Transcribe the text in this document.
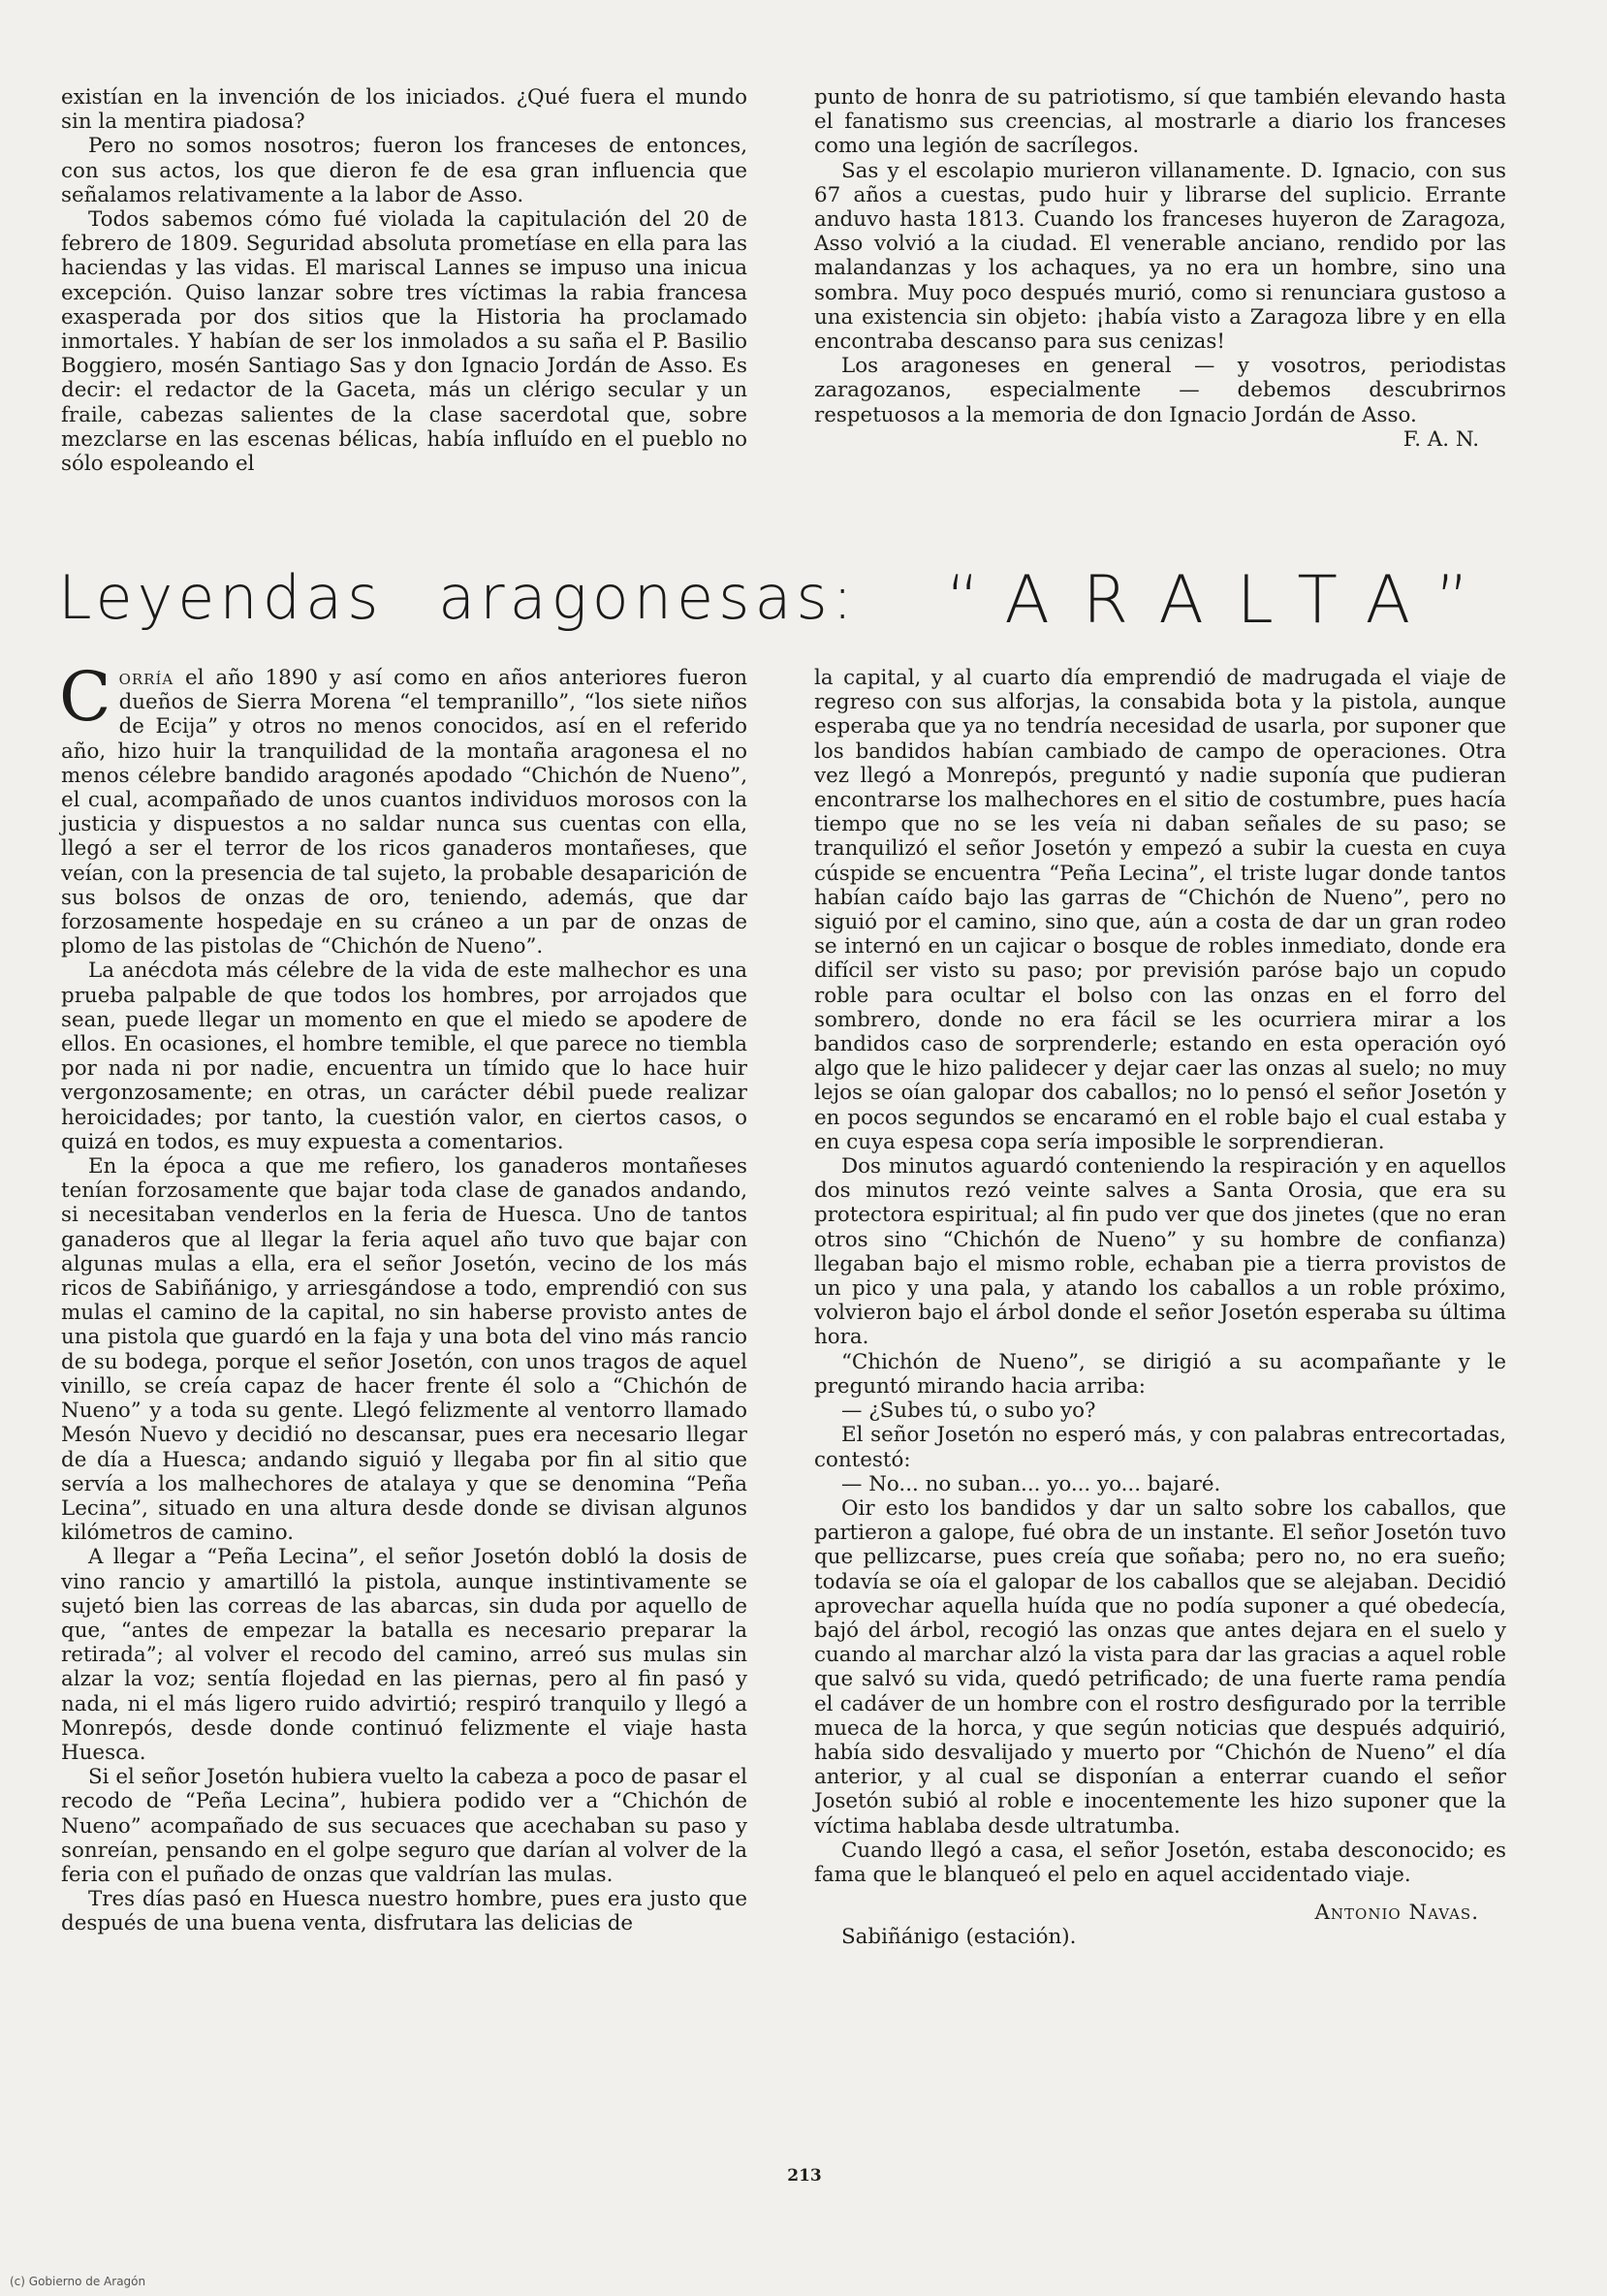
existían en la invención de los iniciados. ¿Qué fuera el mundo sin la mentira piadosa?

Pero no somos nosotros; fueron los franceses de entonces, con sus actos, los que dieron fe de esa gran influencia que señalamos relativamente a la labor de Asso.

Todos sabemos cómo fué violada la capitulación del 20 de febrero de 1809. Seguridad absoluta prometíase en ella para las haciendas y las vidas. El mariscal Lannes se impuso una inicua excepción. Quiso lanzar sobre tres víctimas la rabia francesa exasperada por dos sitios que la Historia ha proclamado inmortales. Y habían de ser los inmolados a su saña el P. Basilio Boggiero, mosén Santiago Sas y don Ignacio Jordán de Asso. Es decir: el redactor de la Gaceta, más un clérigo secular y un fraile, cabezas salientes de la clase sacerdotal que, sobre mezclarse en las escenas bélicas, había influído en el pueblo no sólo espoleando el

punto de honra de su patriotismo, sí que también elevando hasta el fanatismo sus creencias, al mostrarle a diario los franceses como una legión de sacrílegos.

Sas y el escolapio murieron villanamente. D. Ignacio, con sus 67 años a cuestas, pudo huir y librarse del suplicio. Errante anduvo hasta 1813. Cuando los franceses huyeron de Zaragoza, Asso volvió a la ciudad. El venerable anciano, rendido por las malandanzas y los achaques, ya no era un hombre, sino una sombra. Muy poco después murió, como si renunciara gustoso a una existencia sin objeto: ¡había visto a Zaragoza libre y en ella encontraba descanso para sus cenizas!

Los aragoneses en general — y vosotros, periodistas zaragozanos, especialmente — debemos descubrirnos respetuosos a la memoria de don Ignacio Jordán de Asso.

F. A. N.

Leyendas aragonesas: “ARALTA”

Corría el año 1890 y así como en años anteriores fueron dueños de Sierra Morena “el tempranillo”, “los siete niños de Ecija” y otros no menos conocidos, así en el referido año, hizo huir la tranquilidad de la montaña aragonesa el no menos célebre bandido aragonés apodado “Chichón de Nueno”, el cual, acompañado de unos cuantos individuos morosos con la justicia y dispuestos a no saldar nunca sus cuentas con ella, llegó a ser el terror de los ricos ganaderos montañeses, que veían, con la presencia de tal sujeto, la probable desaparición de sus bolsos de onzas de oro, teniendo, además, que dar forzosamente hospedaje en su cráneo a un par de onzas de plomo de las pistolas de “Chichón de Nueno”.

La anécdota más célebre de la vida de este malhechor es una prueba palpable de que todos los hombres, por arrojados que sean, puede llegar un momento en que el miedo se apodere de ellos. En ocasiones, el hombre temible, el que parece no tiembla por nada ni por nadie, encuentra un tímido que lo hace huir vergonzosamente; en otras, un carácter débil puede realizar heroicidades; por tanto, la cuestión valor, en ciertos casos, o quizá en todos, es muy expuesta a comentarios.

En la época a que me refiero, los ganaderos montañeses tenían forzosamente que bajar toda clase de ganados andando, si necesitaban venderlos en la feria de Huesca. Uno de tantos ganaderos que al llegar la feria aquel año tuvo que bajar con algunas mulas a ella, era el señor Josetón, vecino de los más ricos de Sabiñánigo, y arriesgándose a todo, emprendió con sus mulas el camino de la capital, no sin haberse provisto antes de una pistola que guardó en la faja y una bota del vino más rancio de su bodega, porque el señor Josetón, con unos tragos de aquel vinillo, se creía capaz de hacer frente él solo a “Chichón de Nueno” y a toda su gente. Llegó felizmente al ventorro llamado Mesón Nuevo y decidió no descansar, pues era necesario llegar de día a Huesca; andando siguió y llegaba por fin al sitio que servía a los malhechores de atalaya y que se denomina “Peña Lecina”, situado en una altura desde donde se divisan algunos kilómetros de camino.

A llegar a “Peña Lecina”, el señor Josetón dobló la dosis de vino rancio y amartilló la pistola, aunque instintivamente se sujetó bien las correas de las abarcas, sin duda por aquello de que, “antes de empezar la batalla es necesario preparar la retirada”; al volver el recodo del camino, arreó sus mulas sin alzar la voz; sentía flojedad en las piernas, pero al fin pasó y nada, ni el más ligero ruido advirtió; respiró tranquilo y llegó a Monrepós, desde donde continuó felizmente el viaje hasta Huesca.

Si el señor Josetón hubiera vuelto la cabeza a poco de pasar el recodo de “Peña Lecina”, hubiera podido ver a “Chichón de Nueno” acompañado de sus secuaces que acechaban su paso y sonreían, pensando en el golpe seguro que darían al volver de la feria con el puñado de onzas que valdrían las mulas.

Tres días pasó en Huesca nuestro hombre, pues era justo que después de una buena venta, disfrutara las delicias de

la capital, y al cuarto día emprendió de madrugada el viaje de regreso con sus alforjas, la consabida bota y la pistola, aunque esperaba que ya no tendría necesidad de usarla, por suponer que los bandidos habían cambiado de campo de operaciones. Otra vez llegó a Monrepós, preguntó y nadie suponía que pudieran encontrarse los malhechores en el sitio de costumbre, pues hacía tiempo que no se les veía ni daban señales de su paso; se tranquilizó el señor Josetón y empezó a subir la cuesta en cuya cúspide se encuentra “Peña Lecina”, el triste lugar donde tantos habían caído bajo las garras de “Chichón de Nueno”, pero no siguió por el camino, sino que, aún a costa de dar un gran rodeo se internó en un cajicar o bosque de robles inmediato, donde era difícil ser visto su paso; por previsión paróse bajo un copudo roble para ocultar el bolso con las onzas en el forro del sombrero, donde no era fácil se les ocurriera mirar a los bandidos caso de sorprenderle; estando en esta operación oyó algo que le hizo palidecer y dejar caer las onzas al suelo; no muy lejos se oían galopar dos caballos; no lo pensó el señor Josetón y en pocos segundos se encaramó en el roble bajo el cual estaba y en cuya espesa copa sería imposible le sorprendieran.

Dos minutos aguardó conteniendo la respiración y en aquellos dos minutos rezó veinte salves a Santa Orosia, que era su protectora espiritual; al fin pudo ver que dos jinetes (que no eran otros sino “Chichón de Nueno” y su hombre de confianza) llegaban bajo el mismo roble, echaban pie a tierra provistos de un pico y una pala, y atando los caballos a un roble próximo, volvieron bajo el árbol donde el señor Josetón esperaba su última hora.

“Chichón de Nueno”, se dirigió a su acompañante y le preguntó mirando hacia arriba:

— ¿Subes tú, o subo yo?

El señor Josetón no esperó más, y con palabras entrecortadas, contestó:

— No... no suban... yo... yo... bajaré.

Oir esto los bandidos y dar un salto sobre los caballos, que partieron a galope, fué obra de un instante. El señor Josetón tuvo que pellizcarse, pues creía que soñaba; pero no, no era sueño; todavía se oía el galopar de los caballos que se alejaban. Decidió aprovechar aquella huída que no podía suponer a qué obedecía, bajó del árbol, recogió las onzas que antes dejara en el suelo y cuando al marchar alzó la vista para dar las gracias a aquel roble que salvó su vida, quedó petrificado; de una fuerte rama pendía el cadáver de un hombre con el rostro desfigurado por la terrible mueca de la horca, y que según noticias que después adquirió, había sido desvalijado y muerto por “Chichón de Nueno” el día anterior, y al cual se disponían a enterrar cuando el señor Josetón subió al roble e inocentemente les hizo suponer que la víctima hablaba desde ultratumba.

Cuando llegó a casa, el señor Josetón, estaba desconocido; es fama que le blanqueó el pelo en aquel accidentado viaje.

Antonio Navas.

Sabiñánigo (estación).

213
(c) Gobierno de Aragón
